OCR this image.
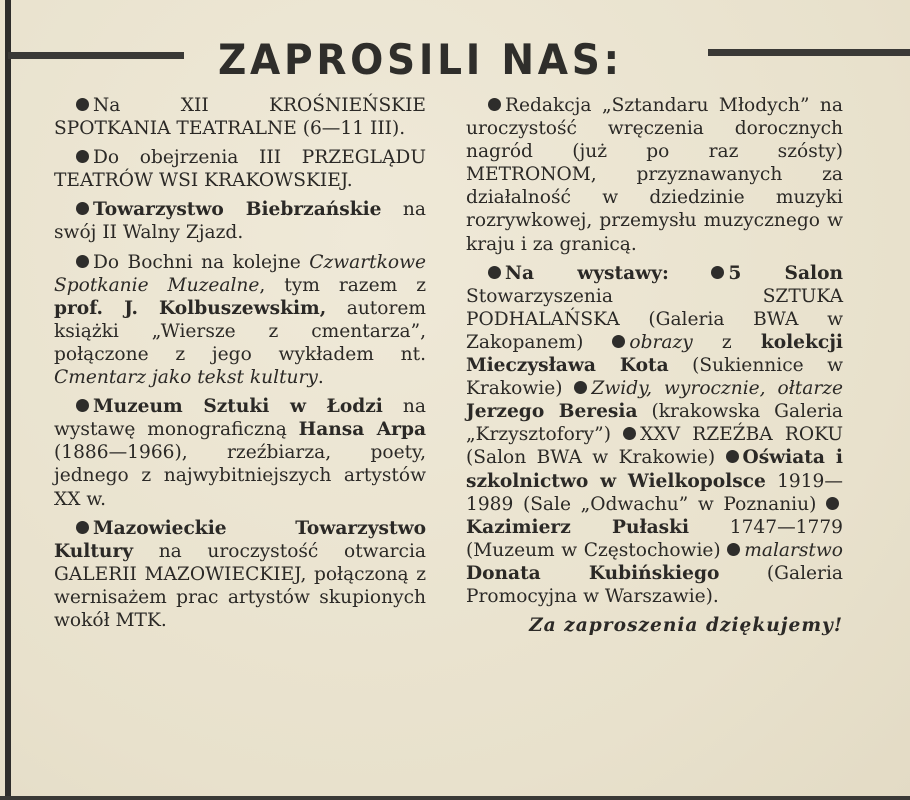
ZAPROSILI NAS:

Na XII KROŚNIEŃSKIE SPOTKANIA TEATRALNE (6—11 III).

Do obejrzenia III PRZEGLĄDU TEATRÓW WSI KRAKOWSKIEJ.

Towarzystwo Biebrzańskie na swój II Walny Zjazd.

Do Bochni na kolejne Czwartkowe Spotkanie Muzealne, tym razem z prof. J. Kolbuszewskim, autorem książki „Wiersze z cmentarza”, połączone z jego wykładem nt. Cmentarz jako tekst kultury.

Muzeum Sztuki w Łodzi na wystawę monograficzną Hansa Arpa (1886—1966), rzeźbiarza, poety, jednego z najwybitniejszych artystów XX w.

Mazowieckie Towarzystwo Kultury na uroczystość otwarcia GALERII MAZOWIECKIEJ, połączoną z wernisażem prac artystów skupionych wokół MTK.

Redakcja „Sztandaru Młodych” na uroczystość wręczenia dorocznych nagród (już po raz szósty) METRONOM, przyznawanych za działalność w dziedzinie muzyki rozrywkowej, przemysłu muzycznego w kraju i za granicą.

Na wystawy:	5 Salon Stowarzyszenia SZTUKA PODHALAŃSKA (Galeria BWA w Zakopanem) obrazy z kolekcji Mieczysława Kota (Sukiennice w Krakowie) Zwidy, wyrocznie, ołtarze Jerzego Beresia (krakowska Galeria „Krzysztofory”) XXV RZEŹBA ROKU (Salon BWA w Krakowie) Oświata i szkolnictwo w Wielkopolsce 1919—1989 (Sale „Odwachu” w Poznaniu) Kazimierz Pułaski 1747—1779 (Muzeum w Częstochowie) malarstwo Donata Kubińskiego (Galeria Promocyjna w Warszawie).

Za zaproszenia dziękujemy!
